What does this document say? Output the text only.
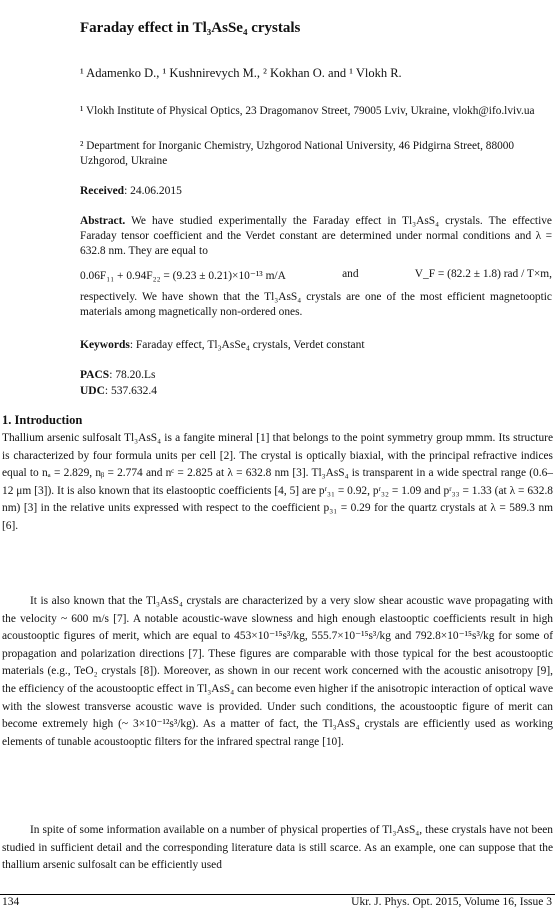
Faraday effect in Tl₃AsSe₄ crystals
¹ Adamenko D., ¹ Kushnirevych M., ² Kokhan O. and ¹ Vlokh R.
¹ Vlokh Institute of Physical Optics, 23 Dragomanov Street, 79005 Lviv, Ukraine, vlokh@ifo.lviv.ua
² Department for Inorganic Chemistry, Uzhgorod National University, 46 Pidgirna Street, 88000 Uzhgorod, Ukraine
Received: 24.06.2015
Abstract. We have studied experimentally the Faraday effect in Tl₃AsS₄ crystals. The effective Faraday tensor coefficient and the Verdet constant are determined under normal conditions and λ = 632.8 nm. They are equal to
0.06F₁₁ + 0.94F₂₂ = (9.23 ± 0.21)×10⁻¹³ m/A	and	V_F = (82.2 ± 1.8) rad / T×m,
respectively. We have shown that the Tl₃AsS₄ crystals are one of the most efficient magnetooptic materials among magnetically non-ordered ones.
Keywords: Faraday effect, Tl₃AsSe₄ crystals, Verdet constant
PACS: 78.20.Ls
UDC: 537.632.4
1. Introduction

Thallium arsenic sulfosalt Tl₃AsS₄ is a fangite mineral [1] that belongs to the point symmetry group mmm. Its structure is characterized by four formula units per cell [2]. The crystal is optically biaxial, with the principal refractive indices equal to nₐ = 2.829, nᵦ = 2.774 and nᶜ = 2.825 at λ = 632.8 nm [3]. Tl₃AsS₄ is transparent in a wide spectral range (0.6–12 μm [3]). It is also known that its elastooptic coefficients [4, 5] are pʳ₃₁ = 0.92, pʳ₃₂ = 1.09 and pʳ₃₃ = 1.33 (at λ = 632.8 nm) [3] in the relative units expressed with respect to the coefficient p₃₁ = 0.29 for the quartz crystals at λ = 589.3 nm [6].

It is also known that the Tl₃AsS₄ crystals are characterized by a very slow shear acoustic wave propagating with the velocity ~ 600 m/s [7]. A notable acoustic-wave slowness and high enough elastooptic coefficients result in high acoustooptic figures of merit, which are equal to 453×10⁻¹⁵s³/kg, 555.7×10⁻¹⁵s³/kg and 792.8×10⁻¹⁵s³/kg for some of propagation and polarization directions [7]. These figures are comparable with those typical for the best acoustooptic materials (e.g., TeO₂ crystals [8]). Moreover, as shown in our recent work concerned with the acoustic anisotropy [9], the efficiency of the acoustooptic effect in Tl₃AsS₄ can become even higher if the anisotropic interaction of optical wave with the slowest transverse acoustic wave is provided. Under such conditions, the acoustooptic figure of merit can become extremely high (~ 3×10⁻¹²s³/kg). As a matter of fact, the Tl₃AsS₄ crystals are efficiently used as working elements of tunable acoustooptic filters for the infrared spectral range [10].

In spite of some information available on a number of physical properties of Tl₃AsS₄, these crystals have not been studied in sufficient detail and the corresponding literature data is still scarce. As an example, one can suppose that the thallium arsenic sulfosalt can be efficiently used

134	Ukr. J. Phys. Opt. 2015, Volume 16, Issue 3
